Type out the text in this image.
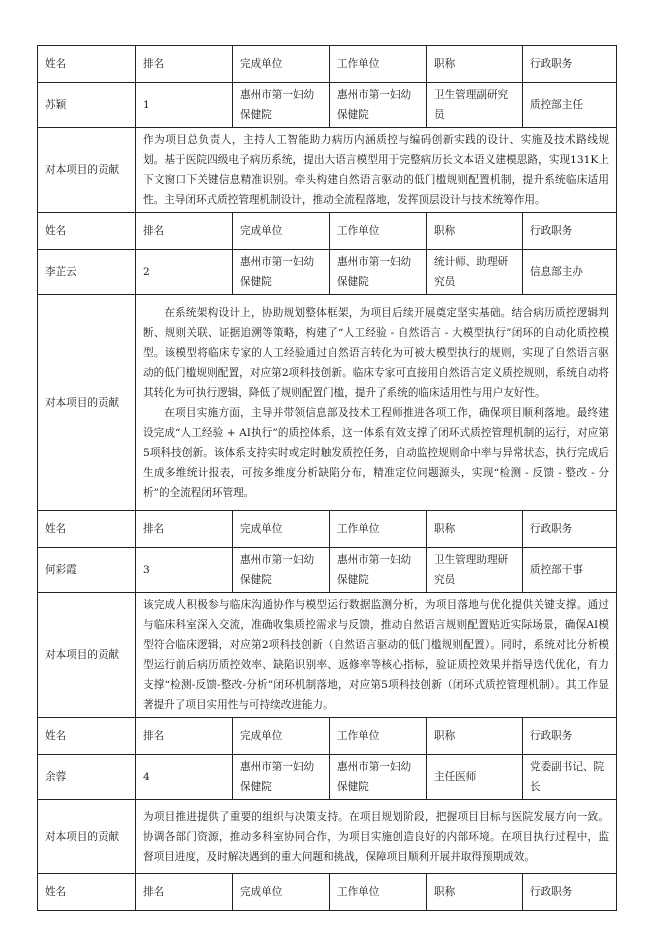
姓名	排名	完成单位	工作单位	职称	行政职务
苏颖	1	惠州市第一妇幼保健院	惠州市第一妇幼保健院	卫生管理副研究员	质控部主任
对本项目的贡献	作为项目总负责人，主持人工智能助力病历内涵质控与编码创新实践的设计、实施及技术路线规划。基于医院四级电子病历系统，提出大语言模型用于完整病历长文本语义建模思路，实现131K上下文窗口下关键信息精准识别。牵头构建自然语言驱动的低门槛规则配置机制，提升系统临床适用性。主导闭环式质控管理机制设计，推动全流程落地，发挥顶层设计与技术统筹作用。				

姓名	排名	完成单位	工作单位	职称	行政职务
李芷云	2	惠州市第一妇幼保健院	惠州市第一妇幼保健院	统计师、助理研究员	信息部主办
对本项目的贡献	在系统架构设计上，协助规划整体框架，为项目后续开展奠定坚实基础。结合病历质控逻辑判断、规则关联、证据追溯等策略，构建了“人工经验 - 自然语言 - 大模型执行”闭环的自动化质控模型。该模型将临床专家的人工经验通过自然语言转化为可被大模型执行的规则，实现了自然语言驱动的低门槛规则配置，对应第2项科技创新。临床专家可直接用自然语言定义质控规则，系统自动将其转化为可执行逻辑，降低了规则配置门槛，提升了系统的临床适用性与用户友好性。

在项目实施方面，主导并带领信息部及技术工程师推进各项工作，确保项目顺利落地。最终建设完成“人工经验 + AI执行”的质控体系，这一体系有效支撑了闭环式质控管理机制的运行，对应第5项科技创新。该体系支持实时或定时触发质控任务，自动监控规则命中率与异常状态，执行完成后生成多维统计报表，可按多维度分析缺陷分布，精准定位问题源头，实现“检测 - 反馈 - 整改 - 分析”的全流程闭环管理。				

姓名	排名	完成单位	工作单位	职称	行政职务
何彩霞	3	惠州市第一妇幼保健院	惠州市第一妇幼保健院	卫生管理助理研究员	质控部干事
对本项目的贡献	该完成人积极参与临床沟通协作与模型运行数据监测分析，为项目落地与优化提供关键支撑。通过与临床科室深入交流，准确收集质控需求与反馈，推动自然语言规则配置贴近实际场景，确保AI模型符合临床逻辑，对应第2项科技创新（自然语言驱动的低门槛规则配置）。同时，系统对比分析模型运行前后病历质控效率、缺陷识别率、返修率等核心指标，验证质控效果并指导迭代优化，有力支撑“检测-反馈-整改-分析”闭环机制落地，对应第5项科技创新（闭环式质控管理机制）。其工作显著提升了项目实用性与可持续改进能力。				

姓名	排名	完成单位	工作单位	职称	行政职务
余蓉	4	惠州市第一妇幼保健院	惠州市第一妇幼保健院	主任医师	党委副书记、院长
对本项目的贡献	为项目推进提供了重要的组织与决策支持。在项目规划阶段，把握项目目标与医院发展方向一致。协调各部门资源，推动多科室协同合作，为项目实施创造良好的内部环境。在项目执行过程中，监督项目进度，及时解决遇到的重大问题和挑战，保障项目顺利开展并取得预期成效。				

姓名	排名	完成单位	工作单位	职称	行政职务
